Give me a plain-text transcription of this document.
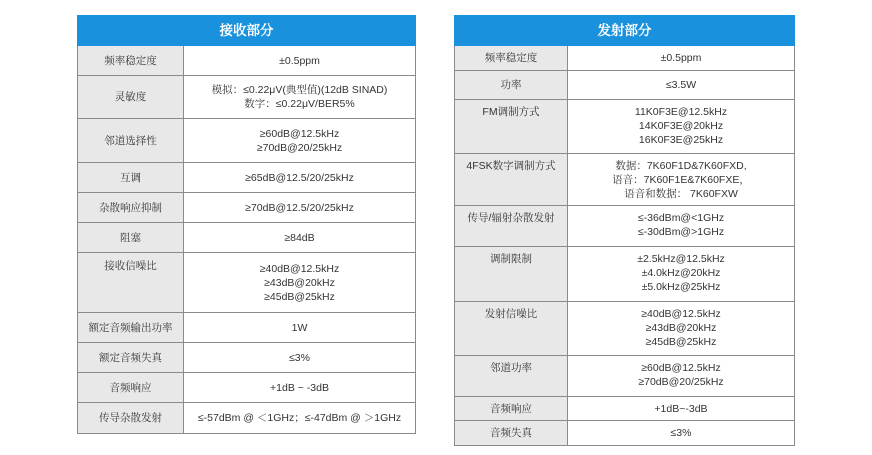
接收部分	
频率稳定度	±0.5ppm

灵敏度	模拟：≤0.22μV(典型值)(12dB SINAD)
数字：≤0.22μV/BER5%

邻道选择性	≥60dB@12.5kHz
≥70dB@20/25kHz

互调	≥65dB@12.5/20/25kHz

杂散响应抑制	≥70dB@12.5/20/25kHz

阻塞	≥84dB

接收信噪比	≥40dB@12.5kHz
≥43dB@20kHz
≥45dB@25kHz

额定音频输出功率	1W

额定音频失真	≤3%

音频响应	+1dB ~ -3dB

传导杂散发射	≤-57dBm @ ＜1GHz；≤-47dBm @ ＞1GHz
发射部分	
频率稳定度	±0.5ppm

功率	≤3.5W

FM调制方式	11K0F3E@12.5kHz
14K0F3E@20kHz
16K0F3E@25kHz

4FSK数字调制方式	数据：7K60F1D&7K60FXD,
语音：7K60F1E&7K60FXE，
语音和数据： 7K60FXW

传导/辐射杂散发射	≤-36dBm@<1GHz
≤-30dBm@>1GHz

调制限制	±2.5kHz@12.5kHz
±4.0kHz@20kHz
±5.0kHz@25kHz

发射信噪比	≥40dB@12.5kHz
≥43dB@20kHz
≥45dB@25kHz

邻道功率	≥60dB@12.5kHz
≥70dB@20/25kHz

音频响应	+1dB~-3dB

音频失真	≤3%
